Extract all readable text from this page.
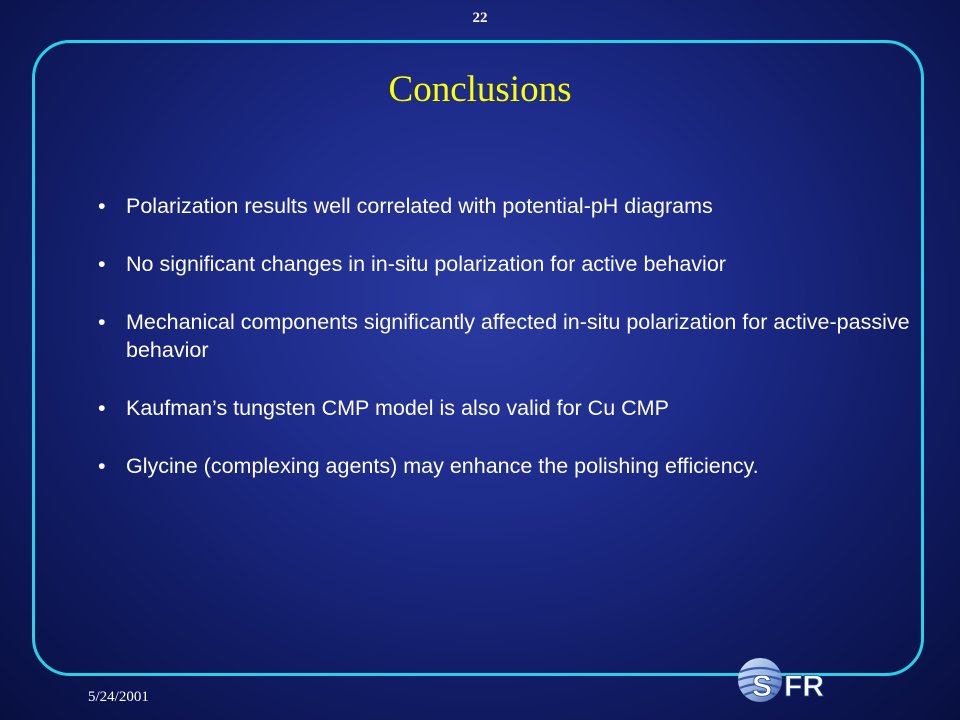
22
Conclusions
• Polarization results well correlated with potential-pH diagrams
• No significant changes in in-situ polarization for active behavior
• Mechanical components significantly affected in-situ polarization for active-passive behavior
• Kaufman’s tungsten CMP model is also valid for Cu CMP
• Glycine (complexing agents) may enhance the polishing efficiency.
5/24/2001	S FR
